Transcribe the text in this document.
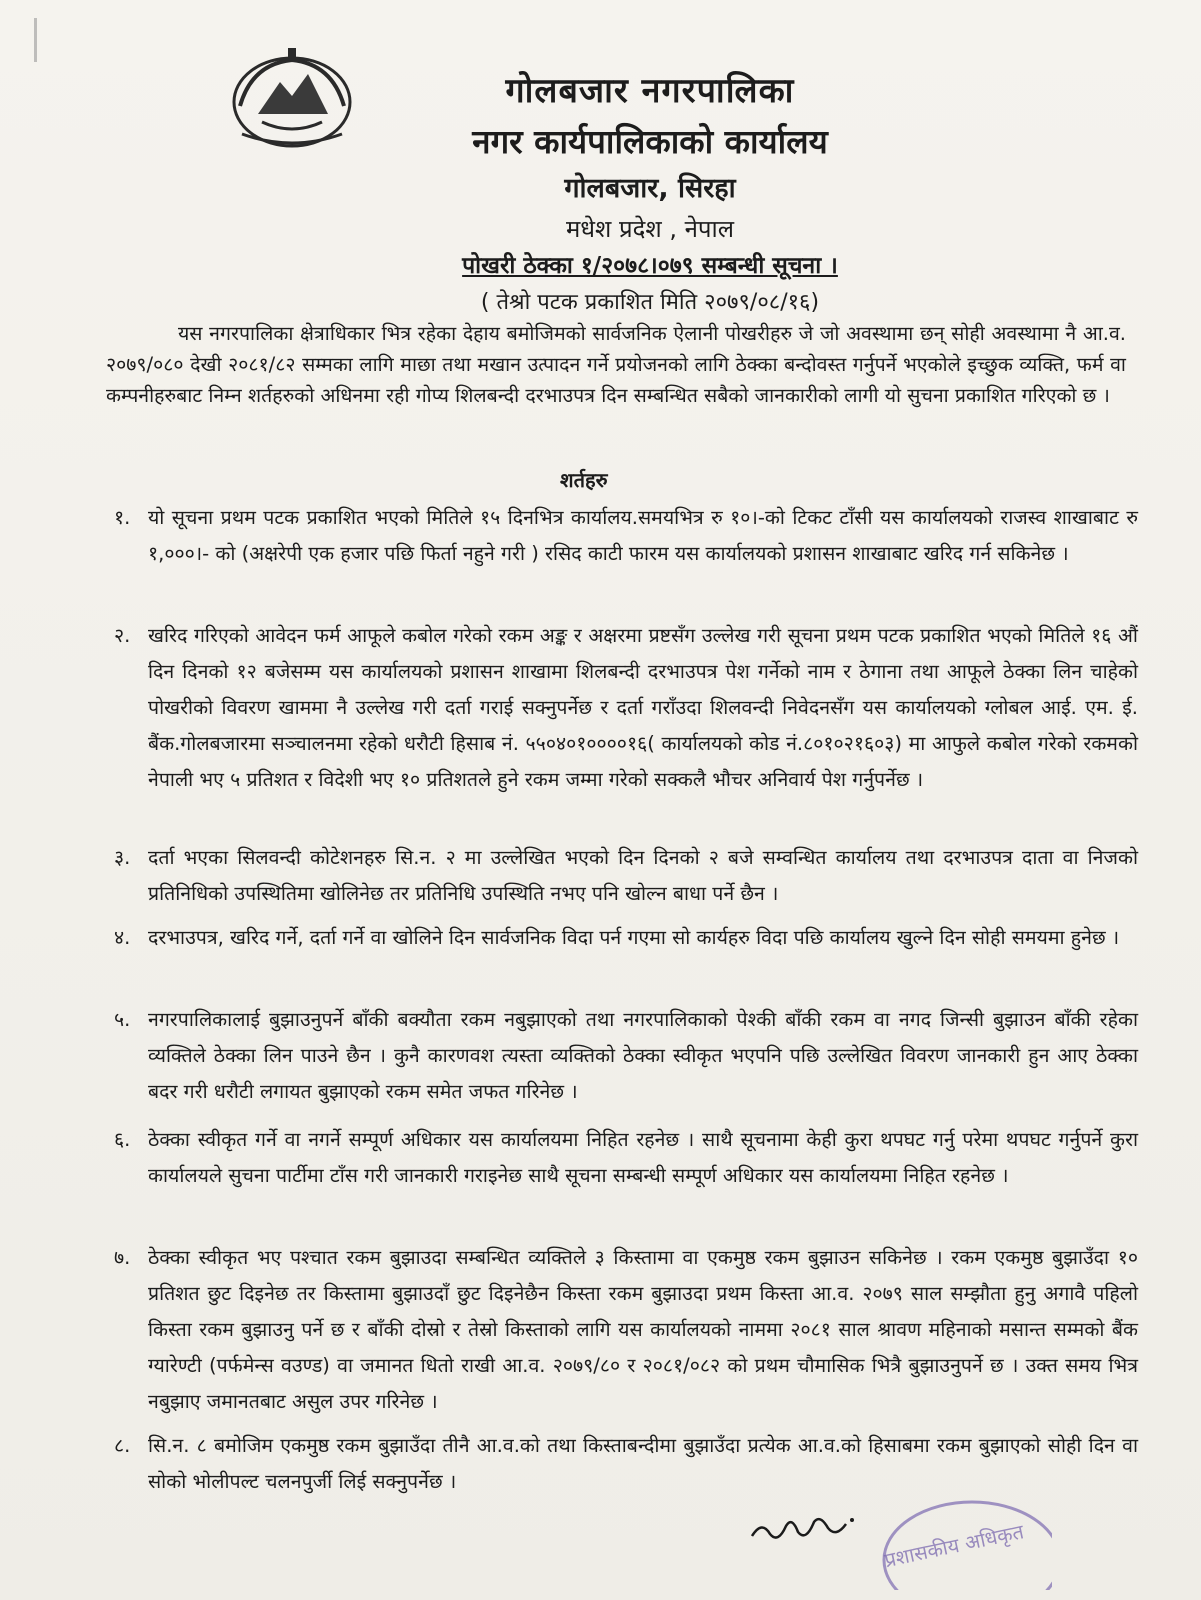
गोलबजार नगरपालिका
नगर कार्यपालिकाको कार्यालय
गोलबजार, सिरहा
मधेश प्रदेश , नेपाल
पोखरी ठेक्का १/२०७८।०७९ सम्बन्धी सूचना ।
( तेश्रो पटक प्रकाशित मिति २०७९/०८/१६)
यस नगरपालिका क्षेत्राधिकार भित्र रहेका देहाय बमोजिमको सार्वजनिक ऐलानी पोखरीहरु जे जो अवस्थामा छन् सोही अवस्थामा नै आ.व. २०७९/०८० देखी २०८१/८२ सम्मका लागि माछा तथा मखान उत्पादन गर्ने प्रयोजनको लागि ठेक्का बन्दोवस्त गर्नुपर्ने भएकोले इच्छुक व्यक्ति, फर्म वा कम्पनीहरुबाट निम्न शर्तहरुको अधिनमा रही गोप्य शिलबन्दी दरभाउपत्र दिन सम्बन्धित सबैको जानकारीको लागी यो सुचना प्रकाशित गरिएको छ ।
शर्तहरु
१. यो सूचना प्रथम पटक प्रकाशित भएको मितिले १५ दिनभित्र कार्यालय.समयभित्र रु १०।-को टिकट टाँसी यस कार्यालयको राजस्व शाखाबाट रु १,०००।- को (अक्षरेपी एक हजार पछि फिर्ता नहुने गरी ) रसिद काटी फारम यस कार्यालयको प्रशासन शाखाबाट खरिद गर्न सकिनेछ ।
२. खरिद गरिएको आवेदन फर्म आफूले कबोल गरेको रकम अङ्क र अक्षरमा प्रष्टसँग उल्लेख गरी सूचना प्रथम पटक प्रकाशित भएको मितिले १६ औं दिन दिनको १२ बजेसम्म यस कार्यालयको प्रशासन शाखामा शिलबन्दी दरभाउपत्र पेश गर्नेको नाम र ठेगाना तथा आफूले ठेक्का लिन चाहेको पोखरीको विवरण खाममा नै उल्लेख गरी दर्ता गराई सक्नुपर्नेछ र दर्ता गराँउदा शिलवन्दी निवेदनसँग यस कार्यालयको ग्लोबल आई. एम. ई. बैंक.गोलबजारमा सञ्चालनमा रहेको धरौटी हिसाब नं. ५५०४०१००००१६( कार्यालयको कोड नं.८०१०२१६०३) मा आफुले कबोल गरेको रकमको नेपाली भए ५ प्रतिशत र विदेशी भए १० प्रतिशतले हुने रकम जम्मा गरेको सक्कलै भौचर अनिवार्य पेश गर्नुपर्नेछ ।
३. दर्ता भएका सिलवन्दी कोटेशनहरु सि.न. २ मा उल्लेखित भएको दिन दिनको २ बजे सम्वन्धित कार्यालय तथा दरभाउपत्र दाता वा निजको प्रतिनिधिको उपस्थितिमा खोलिनेछ तर प्रतिनिधि उपस्थिति नभए पनि खोल्न बाधा पर्ने छैन ।
४. दरभाउपत्र, खरिद गर्ने, दर्ता गर्ने वा खोलिने दिन सार्वजनिक विदा पर्न गएमा सो कार्यहरु विदा पछि कार्यालय खुल्ने दिन सोही समयमा हुनेछ ।
५. नगरपालिकालाई बुझाउनुपर्ने बाँकी बक्यौता रकम नबुझाएको तथा नगरपालिकाको पेश्की बाँकी रकम वा नगद जिन्सी बुझाउन बाँकी रहेका व्यक्तिले ठेक्का लिन पाउने छैन । कुनै कारणवश त्यस्ता व्यक्तिको ठेक्का स्वीकृत भएपनि पछि उल्लेखित विवरण जानकारी हुन आए ठेक्का बदर गरी धरौटी लगायत बुझाएको रकम समेत जफत गरिनेछ ।
६. ठेक्का स्वीकृत गर्ने वा नगर्ने सम्पूर्ण अधिकार यस कार्यालयमा निहित रहनेछ । साथै सूचनामा केही कुरा थपघट गर्नु परेमा थपघट गर्नुपर्ने कुरा कार्यालयले सुचना पार्टीमा टाँस गरी जानकारी गराइनेछ साथै सूचना सम्बन्धी सम्पूर्ण अधिकार यस कार्यालयमा निहित रहनेछ ।
७. ठेक्का स्वीकृत भए पश्चात रकम बुझाउदा सम्बन्धित व्यक्तिले ३ किस्तामा वा एकमुष्ठ रकम बुझाउन सकिनेछ । रकम एकमुष्ठ बुझाउँदा १० प्रतिशत छुट दिइनेछ तर किस्तामा बुझाउदाँ छुट दिइनेछैन किस्ता रकम बुझाउदा प्रथम किस्ता आ.व. २०७९ साल सम्झौता हुनु अगावै पहिलो किस्ता रकम बुझाउनु पर्ने छ र बाँकी दोस्रो र तेस्रो किस्ताको लागि यस कार्यालयको नाममा २०८१ साल श्रावण महिनाको मसान्त सम्मको बैंक ग्यारेण्टी (पर्फमेन्स वउण्ड) वा जमानत धितो राखी आ.व. २०७९/८० र २०८१/०८२ को प्रथम चौमासिक भित्रै बुझाउनुपर्ने छ । उक्त समय भित्र नबुझाए जमानतबाट असुल उपर गरिनेछ ।
८. सि.न. ८ बमोजिम एकमुष्ठ रकम बुझाउँदा तीनै आ.व.को तथा किस्ताबन्दीमा बुझाउँदा प्रत्येक आ.व.को हिसाबमा रकम बुझाएको सोही दिन वा सोको भोलीपल्ट चलनपुर्जी लिई सक्नुपर्नेछ ।
प्रशासकीय अधिकृत
